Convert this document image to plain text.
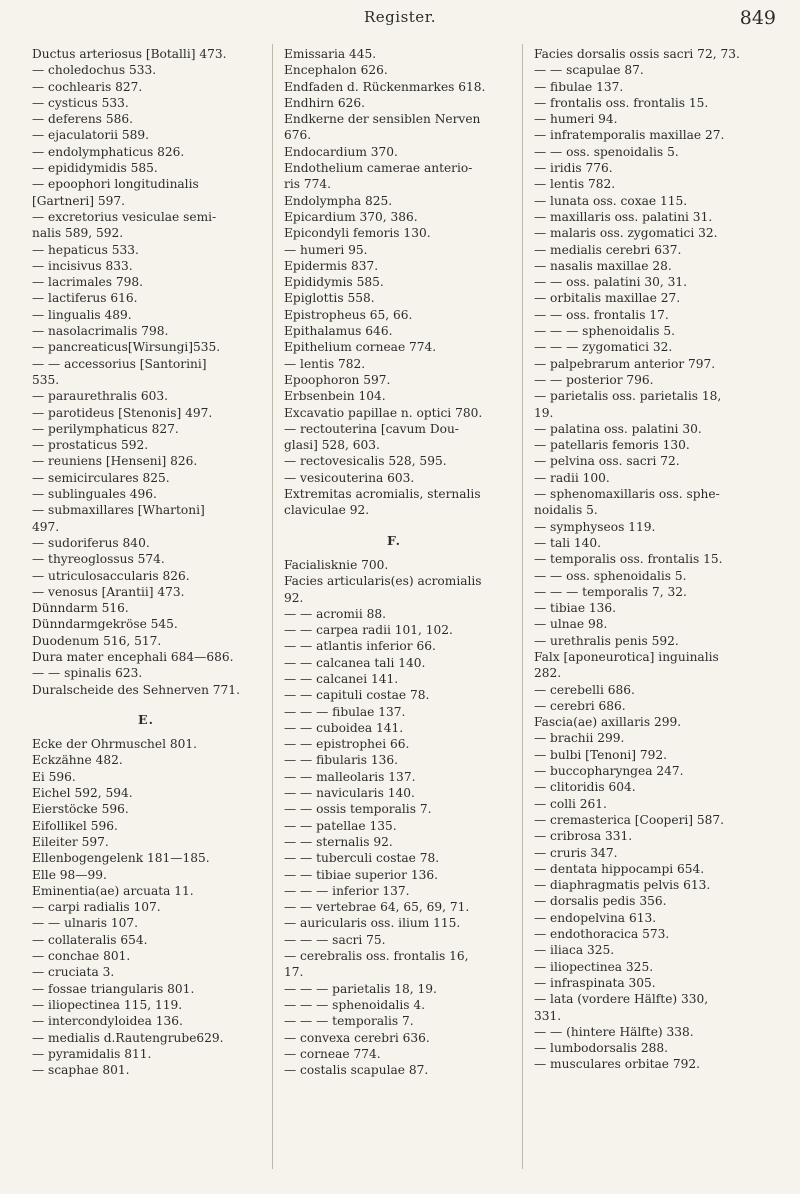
Register.	849
Ductus arteriosus [Botalli] 473.
— choledochus 533.
— cochlearis 827.
— cysticus 533.
— deferens 586.
— ejaculatorii 589.
— endolymphaticus 826.
— epididymidis 585.
— epoophori longitudinalis
[Gartneri] 597.
— excretorius vesiculae semi-
nalis 589, 592.
— hepaticus 533.
— incisivus 833.
— lacrimales 798.
— lactiferus 616.
— lingualis 489.
— nasolacrimalis 798.
— pancreaticus[Wirsungi]535.
— — accessorius [Santorini]
535.
— paraurethralis 603.
— parotideus [Stenonis] 497.
— perilymphaticus 827.
— prostaticus 592.
— reuniens [Henseni] 826.
— semicirculares 825.
— sublinguales 496.
— submaxillares [Whartoni]
497.
— sudoriferus 840.
— thyreoglossus 574.
— utriculosaccularis 826.
— venosus [Arantii] 473.
Dünndarm 516.
Dünndarmgekröse 545.
Duodenum 516, 517.
Dura mater encephali 684—686.
— — spinalis 623.
Duralscheide des Sehnerven 771.
E.
Ecke der Ohrmuschel 801.
Eckzähne 482.
Ei 596.
Eichel 592, 594.
Eierstöcke 596.
Eifollikel 596.
Eileiter 597.
Ellenbogengelenk 181—185.
Elle 98—99.
Eminentia(ae) arcuata 11.
— carpi radialis 107.
— — ulnaris 107.
— collateralis 654.
— conchae 801.
— cruciata 3.
— fossae triangularis 801.
— iliopectinea 115, 119.
— intercondyloidea 136.
— medialis d.Rautengrube629.
— pyramidalis 811.
— scaphae 801.
Emissaria 445.
Encephalon 626.
Endfaden d. Rückenmarkes 618.
Endhirn 626.
Endkerne der sensiblen Nerven
676.
Endocardium 370.
Endothelium camerae anterio-
ris 774.
Endolympha 825.
Epicardium 370, 386.
Epicondyli femoris 130.
— humeri 95.
Epidermis 837.
Epididymis 585.
Epiglottis 558.
Epistropheus 65, 66.
Epithalamus 646.
Epithelium corneae 774.
— lentis 782.
Epoophoron 597.
Erbsenbein 104.
Excavatio papillae n. optici 780.
— rectouterina [cavum Dou-
glasi] 528, 603.
— rectovesicalis 528, 595.
— vesicouterina 603.
Extremitas acromialis, sternalis
claviculae 92.
F.
Facialisknie 700.
Facies articularis(es) acromialis
92.
— — acromii 88.
— — carpea radii 101, 102.
— — atlantis inferior 66.
— — calcanea tali 140.
— — calcanei 141.
— — capituli costae 78.
— — — fibulae 137.
— — cuboidea 141.
— — epistrophei 66.
— — fibularis 136.
— — malleolaris 137.
— — navicularis 140.
— — ossis temporalis 7.
— — patellae 135.
— — sternalis 92.
— — tuberculi costae 78.
— — tibiae superior 136.
— — — inferior 137.
— — vertebrae 64, 65, 69, 71.
— auricularis oss. ilium 115.
— — — sacri 75.
— cerebralis oss. frontalis 16,
17.
— — — parietalis 18, 19.
— — — sphenoidalis 4.
— — — temporalis 7.
— convexa cerebri 636.
— corneae 774.
— costalis scapulae 87.
Facies dorsalis ossis sacri 72, 73.
— — scapulae 87.
— fibulae 137.
— frontalis oss. frontalis 15.
— humeri 94.
— infratemporalis maxillae 27.
— — oss. spenoidalis 5.
— iridis 776.
— lentis 782.
— lunata oss. coxae 115.
— maxillaris oss. palatini 31.
— malaris oss. zygomatici 32.
— medialis cerebri 637.
— nasalis maxillae 28.
— — oss. palatini 30, 31.
— orbitalis maxillae 27.
— — oss. frontalis 17.
— — — sphenoidalis 5.
— — — zygomatici 32.
— palpebrarum anterior 797.
— — posterior 796.
— parietalis oss. parietalis 18,
19.
— palatina oss. palatini 30.
— patellaris femoris 130.
— pelvina oss. sacri 72.
— radii 100.
— sphenomaxillaris oss. sphe-
noidalis 5.
— symphyseos 119.
— tali 140.
— temporalis oss. frontalis 15.
— — oss. sphenoidalis 5.
— — — temporalis 7, 32.
— tibiae 136.
— ulnae 98.
— urethralis penis 592.
Falx [aponeurotica] inguinalis
282.
— cerebelli 686.
— cerebri 686.
Fascia(ae) axillaris 299.
— brachii 299.
— bulbi [Tenoni] 792.
— buccopharyngea 247.
— clitoridis 604.
— colli 261.
— cremasterica [Cooperi] 587.
— cribrosa 331.
— cruris 347.
— dentata hippocampi 654.
— diaphragmatis pelvis 613.
— dorsalis pedis 356.
— endopelvina 613.
— endothoracica 573.
— iliaca 325.
— iliopectinea 325.
— infraspinata 305.
— lata (vordere Hälfte) 330,
331.
— — (hintere Hälfte) 338.
— lumbodorsalis 288.
— musculares orbitae 792.
